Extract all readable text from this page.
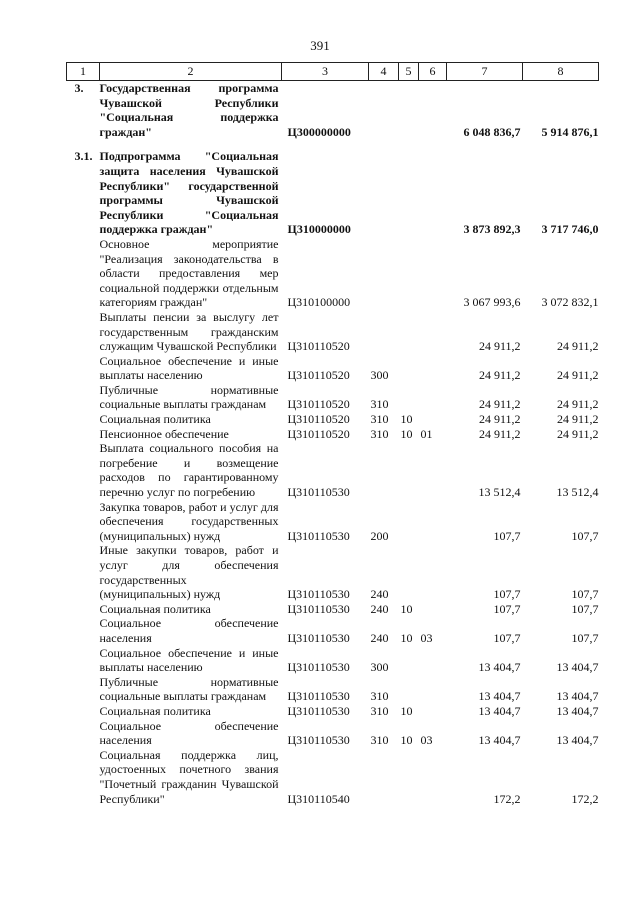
391
1	2	3	4	5	6	7	8
3.	Государственная программа Чувашской Республики "Социальная поддержка граждан"	Ц300000000				6 048 836,7	5 914 876,1

3.1.	Подпрограмма "Социальная защита населения Чувашской Республики" государственной программы Чувашской Республики "Социальная поддержка граждан"	Ц310000000				3 873 892,3	3 717 746,0
	Основное мероприятие "Реализация законодательства в области предоставления мер социальной поддержки отдельным категориям граждан"	Ц310100000				3 067 993,6	3 072 832,1
	Выплаты пенсии за выслугу лет государственным гражданским служащим Чувашской Республики	Ц310110520				24 911,2	24 911,2
	Социальное обеспечение и иные выплаты населению	Ц310110520	300			24 911,2	24 911,2
	Публичные нормативные социальные выплаты гражданам	Ц310110520	310			24 911,2	24 911,2
	Социальная политика	Ц310110520	310	10		24 911,2	24 911,2
	Пенсионное обеспечение	Ц310110520	310	10	01	24 911,2	24 911,2
	Выплата социального пособия на погребение и возмещение расходов по гарантированному перечню услуг по погребению	Ц310110530				13 512,4	13 512,4
	Закупка товаров, работ и услуг для обеспечения государственных (муниципальных) нужд	Ц310110530	200			107,7	107,7
	Иные закупки товаров, работ и услуг для обеспечения государственных (муниципальных) нужд	Ц310110530	240			107,7	107,7
	Социальная политика	Ц310110530	240	10		107,7	107,7
	Социальное обеспечение населения	Ц310110530	240	10	03	107,7	107,7
	Социальное обеспечение и иные выплаты населению	Ц310110530	300			13 404,7	13 404,7
	Публичные нормативные социальные выплаты гражданам	Ц310110530	310			13 404,7	13 404,7
	Социальная политика	Ц310110530	310	10		13 404,7	13 404,7
	Социальное обеспечение населения	Ц310110530	310	10	03	13 404,7	13 404,7
	Социальная поддержка лиц, удостоенных почетного звания "Почетный гражданин Чувашской Республики"	Ц310110540				172,2	172,2
